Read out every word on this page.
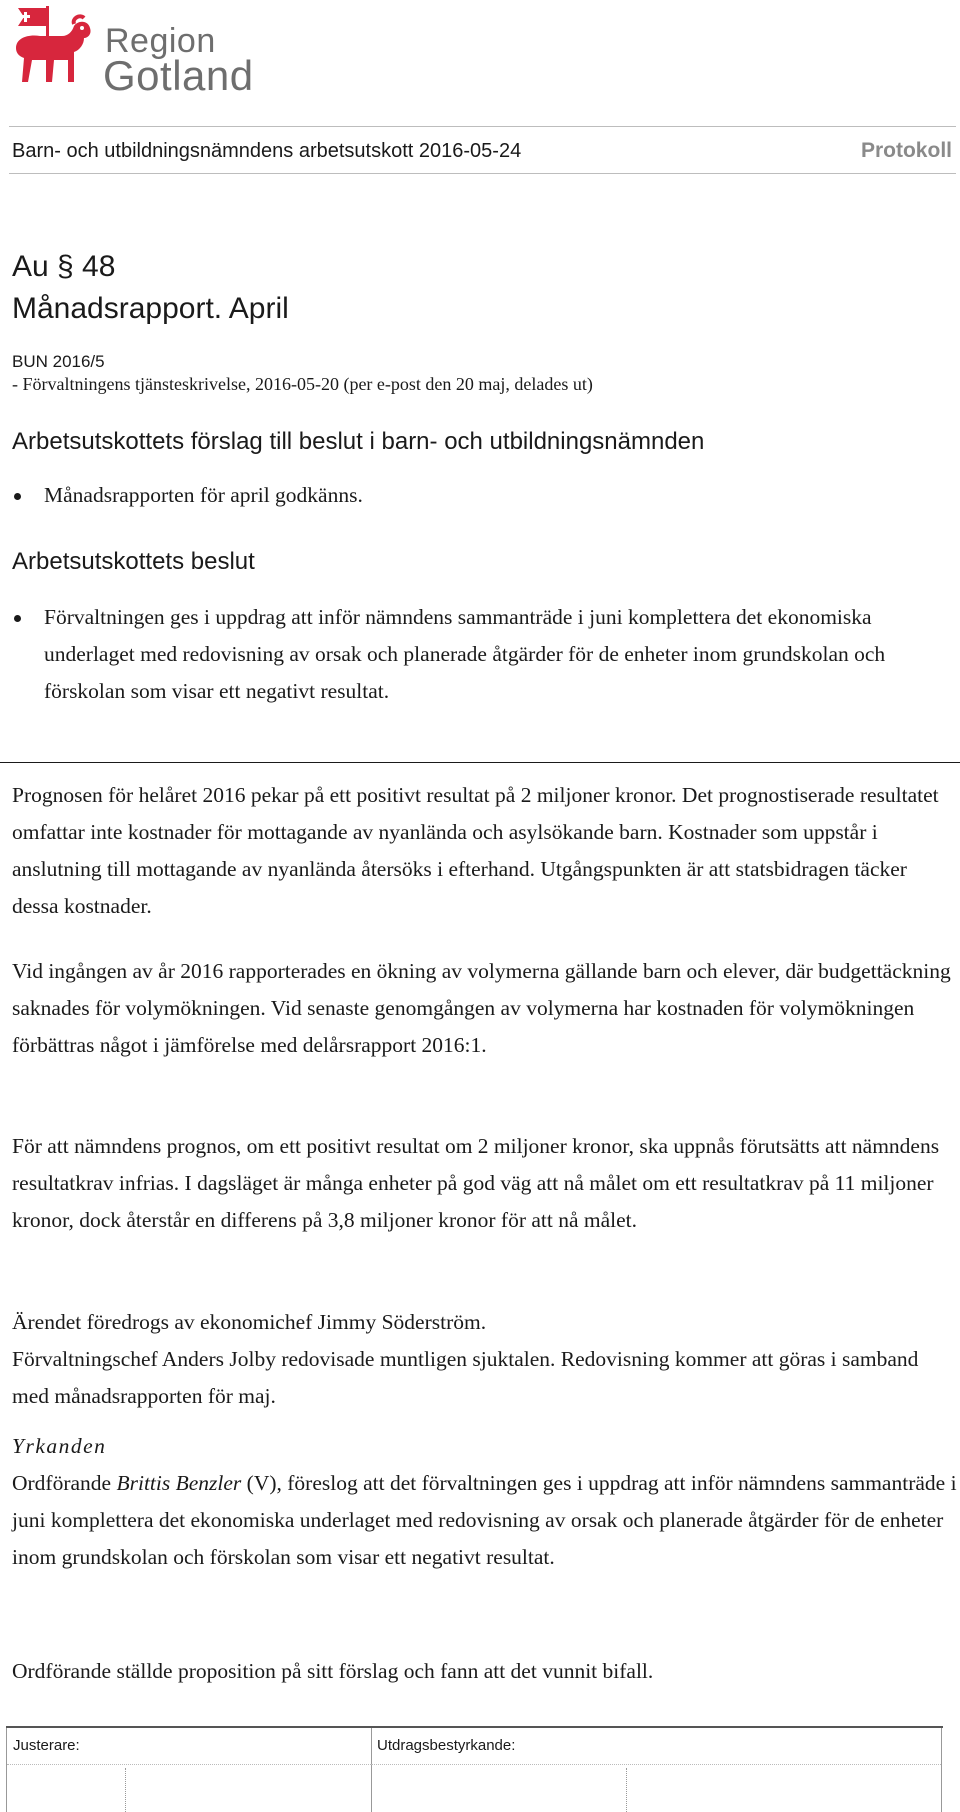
Region
Gotland
Barn- och utbildningsnämndens arbetsutskott 2016-05-24	Protokoll
Au § 48
Månadsrapport. April
BUN 2016/5
- Förvaltningens tjänsteskrivelse, 2016-05-20 (per e-post den 20 maj, delades ut)
Arbetsutskottets förslag till beslut i barn- och utbildningsnämnden
Månadsrapporten för april godkänns.
Arbetsutskottets beslut
Förvaltningen ges i uppdrag att inför nämndens sammanträde i juni komplettera det ekonomiska underlaget med redovisning av orsak och planerade åtgärder för de enheter inom grundskolan och förskolan som visar ett negativt resultat.

Prognosen för helåret 2016 pekar på ett positivt resultat på 2 miljoner kronor. Det prognostiserade resultatet omfattar inte kostnader för mottagande av nyanlända och asylsökande barn. Kostnader som uppstår i anslutning till mottagande av nyanlända återsöks i efterhand. Utgångspunkten är att statsbidragen täcker dessa kostnader.

Vid ingången av år 2016 rapporterades en ökning av volymerna gällande barn och elever, där budgettäckning saknades för volymökningen. Vid senaste genomgången av volymerna har kostnaden för volymökningen förbättras något i jämförelse med delårsrapport 2016:1.

För att nämndens prognos, om ett positivt resultat om 2 miljoner kronor, ska uppnås förutsätts att nämndens resultatkrav infrias. I dagsläget är många enheter på god väg att nå målet om ett resultatkrav på 11 miljoner kronor, dock återstår en differens på 3,8 miljoner kronor för att nå målet.

Ärendet föredrogs av ekonomichef Jimmy Söderström.

Förvaltningschef Anders Jolby redovisade muntligen sjuktalen. Redovisning kommer att göras i samband med månadsrapporten för maj.

Yrkanden

Ordförande Brittis Benzler (V), föreslog att det förvaltningen ges i uppdrag att inför nämndens sammanträde i juni komplettera det ekonomiska underlaget med redovisning av orsak och planerade åtgärder för de enheter inom grundskolan och förskolan som visar ett negativt resultat.

Ordförande ställde proposition på sitt förslag och fann att det vunnit bifall.

Justerare:	Utdragsbestyrkande:
